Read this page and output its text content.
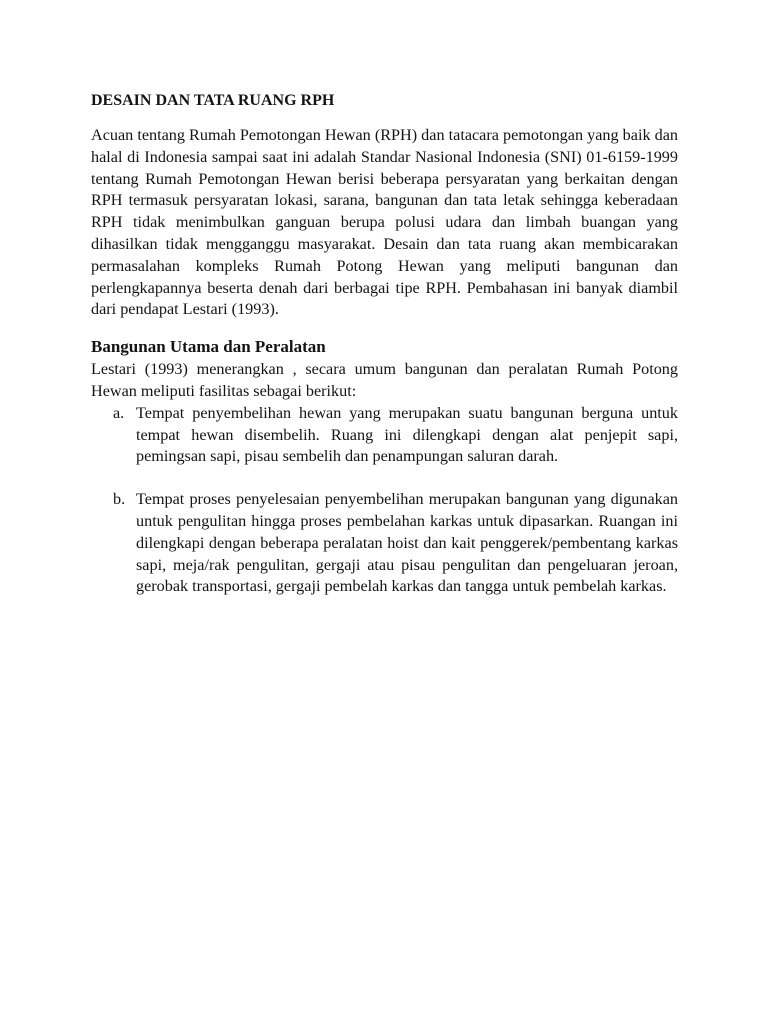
DESAIN DAN TATA RUANG RPH

Acuan tentang Rumah Pemotongan Hewan (RPH) dan tatacara pemotongan yang baik dan halal di Indonesia sampai saat ini adalah Standar Nasional Indonesia (SNI) 01-6159-1999 tentang Rumah Pemotongan Hewan berisi beberapa persyaratan yang berkaitan dengan RPH termasuk persyaratan lokasi, sarana, bangunan dan tata letak sehingga keberadaan RPH tidak menimbulkan ganguan berupa polusi udara dan limbah buangan yang dihasilkan tidak mengganggu masyarakat. Desain dan tata ruang akan membicarakan permasalahan kompleks Rumah Potong Hewan yang meliputi bangunan dan perlengkapannya beserta denah dari berbagai tipe RPH. Pembahasan ini banyak diambil dari pendapat Lestari (1993).

Bangunan Utama dan Peralatan

Lestari (1993) menerangkan , secara umum bangunan dan peralatan Rumah Potong Hewan meliputi fasilitas sebagai berikut:

a. Tempat penyembelihan hewan yang merupakan suatu bangunan berguna untuk tempat hewan disembelih. Ruang ini dilengkapi dengan alat penjepit sapi, pemingsan sapi, pisau sembelih dan penampungan saluran darah.
b. Tempat proses penyelesaian penyembelihan merupakan bangunan yang digunakan untuk pengulitan hingga proses pembelahan karkas untuk dipasarkan. Ruangan ini dilengkapi dengan beberapa peralatan hoist dan kait penggerek/pembentang karkas sapi, meja/rak pengulitan, gergaji atau pisau pengulitan dan pengeluaran jeroan, gerobak transportasi, gergaji pembelah karkas dan tangga untuk pembelah karkas.
